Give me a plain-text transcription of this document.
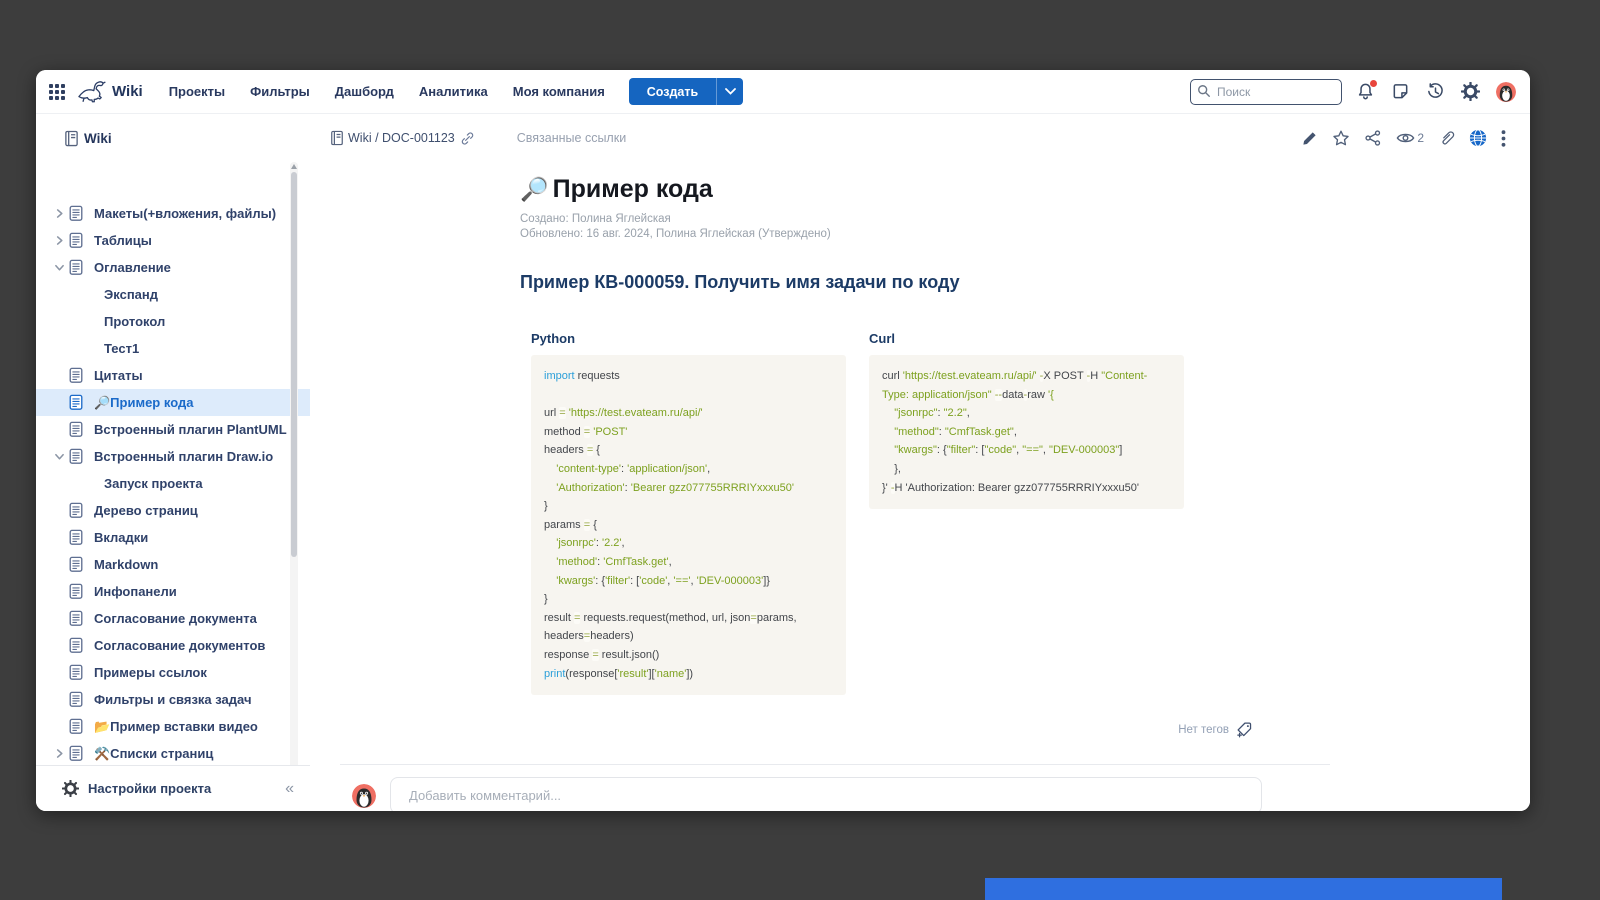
Wiki Проекты Фильтры Дашборд Аналитика Моя компания	Создать
Поиск
Wiki
Макеты(+вложения, файлы)
Таблицы
Оглавление
Экспанд
Протокол
Тест1
Цитаты
🔎Пример кода
Встроенный плагин PlantUML
Встроенный плагин Draw.io
Запуск проекта
Дерево страниц
Вкладки
Markdown
Инфопанели
Согласование документа
Согласование документов
Примеры ссылок
Фильтры и связка задач
📂Пример вставки видео
⚒️Списки страниц
Настройки проекта	«
Wiki / DOC-001123	Связанные ссылки	2
🔎 Пример кода
Создано: Полина Яглейская
Обновлено: 16 авг. 2024, Полина Яглейская (Утверждено)
Пример КВ-000059. Получить имя задачи по коду
Python
import requests

url = 'https://test.evateam.ru/api/'
method = 'POST'
headers = {
'content-type': 'application/json',
'Authorization': 'Bearer gzz077755RRRIYxxxu50'
}
params = {
'jsonrpc': '2.2',
'method': 'CmfTask.get',
'kwargs': {'filter': ['code', '==', 'DEV-000003']}
}
result = requests.request(method, url, json=params,
headers=headers)
response = result.json()
print(response['result']['name'])
Curl
curl 'https://test.evateam.ru/api/' -X POST -H "Content-
Type: application/json" --data-raw '{
"jsonrpc": "2.2",
"method": "CmfTask.get",
"kwargs": {"filter": ["code", "==", "DEV-000003"]
},
}' -H 'Authorization: Bearer gzz077755RRRIYxxxu50'
Нет тегов
Добавить комментарий...
